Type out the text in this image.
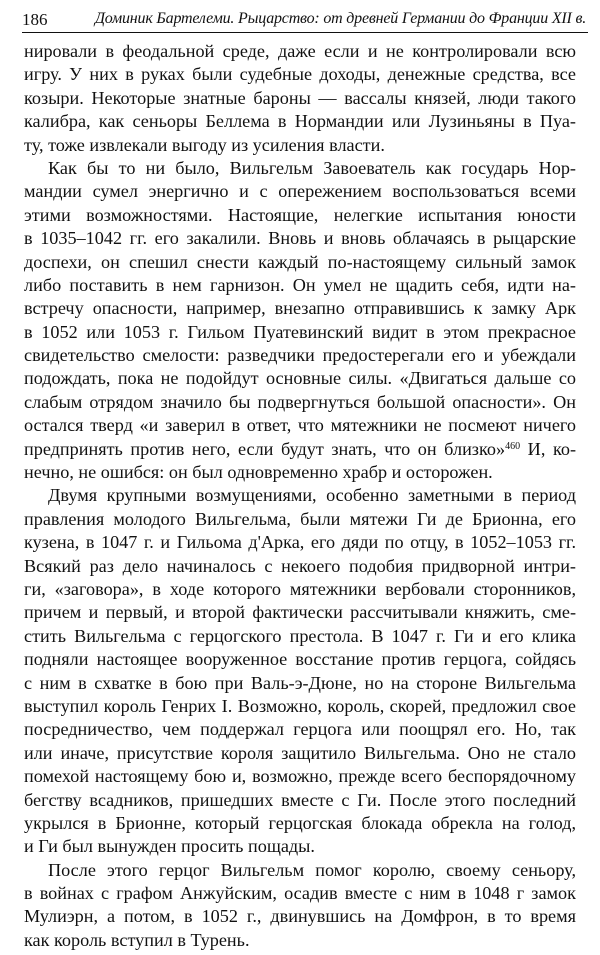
186	Доминик Бартелеми. Рыцарство: от древней Германии до Франции XII в.
нировали в феодальной среде, даже если и не контролировали всю
игру. У них в руках были судебные доходы, денежные средства, все
козыри. Некоторые знатные бароны — вассалы князей, люди такого
калибра, как сеньоры Беллема в Нормандии или Лузиньяны в Пуа-
ту, тоже извлекали выгоду из усиления власти.
Как бы то ни было, Вильгельм Завоеватель как государь Нор-
мандии сумел энергично и с опережением воспользоваться всеми
этими возможностями. Настоящие, нелегкие испытания юности
в 1035–1042 гг. его закалили. Вновь и вновь облачаясь в рыцарские
доспехи, он спешил снести каждый по-настоящему сильный замок
либо поставить в нем гарнизон. Он умел не щадить себя, идти на-
встречу опасности, например, внезапно отправившись к замку Арк
в 1052 или 1053 г. Гильом Пуатевинский видит в этом прекрасное
свидетельство смелости: разведчики предостерегали его и убеждали
подождать, пока не подойдут основные силы. «Двигаться дальше со
слабым отрядом значило бы подвергнуться большой опасности». Он
остался тверд «и заверил в ответ, что мятежники не посмеют ничего
предпринять против него, если будут знать, что он близко»$^{460}$ И, ко-
нечно, не ошибся: он был одновременно храбр и осторожен.
Двумя крупными возмущениями, особенно заметными в период
правления молодого Вильгельма, были мятежи Ги де Брионна, его
кузена, в 1047 г. и Гильома д'Арка, его дяди по отцу, в 1052–1053 гг.
Всякий раз дело начиналось с некоего подобия придворной интри-
ги, «заговора», в ходе которого мятежники вербовали сторонников,
причем и первый, и второй фактически рассчитывали княжить, сме-
стить Вильгельма с герцогского престола. В 1047 г. Ги и его клика
подняли настоящее вооруженное восстание против герцога, сойдясь
с ним в схватке в бою при Валь-э-Дюне, но на стороне Вильгельма
выступил король Генрих I. Возможно, король, скорей, предложил свое
посредничество, чем поддержал герцога или поощрял его. Но, так
или иначе, присутствие короля защитило Вильгельма. Оно не стало
помехой настоящему бою и, возможно, прежде всего беспорядочному
бегству всадников, пришедших вместе с Ги. После этого последний
укрылся в Брионне, который герцогская блокада обрекла на голод,
и Ги был вынужден просить пощады.
После этого герцог Вильгельм помог королю, своему сеньору,
в войнах с графом Анжуйским, осадив вместе с ним в 1048 г замок
Мулиэрн, а потом, в 1052 г., двинувшись на Домфрон, в то время
как король вступил в Турень.
